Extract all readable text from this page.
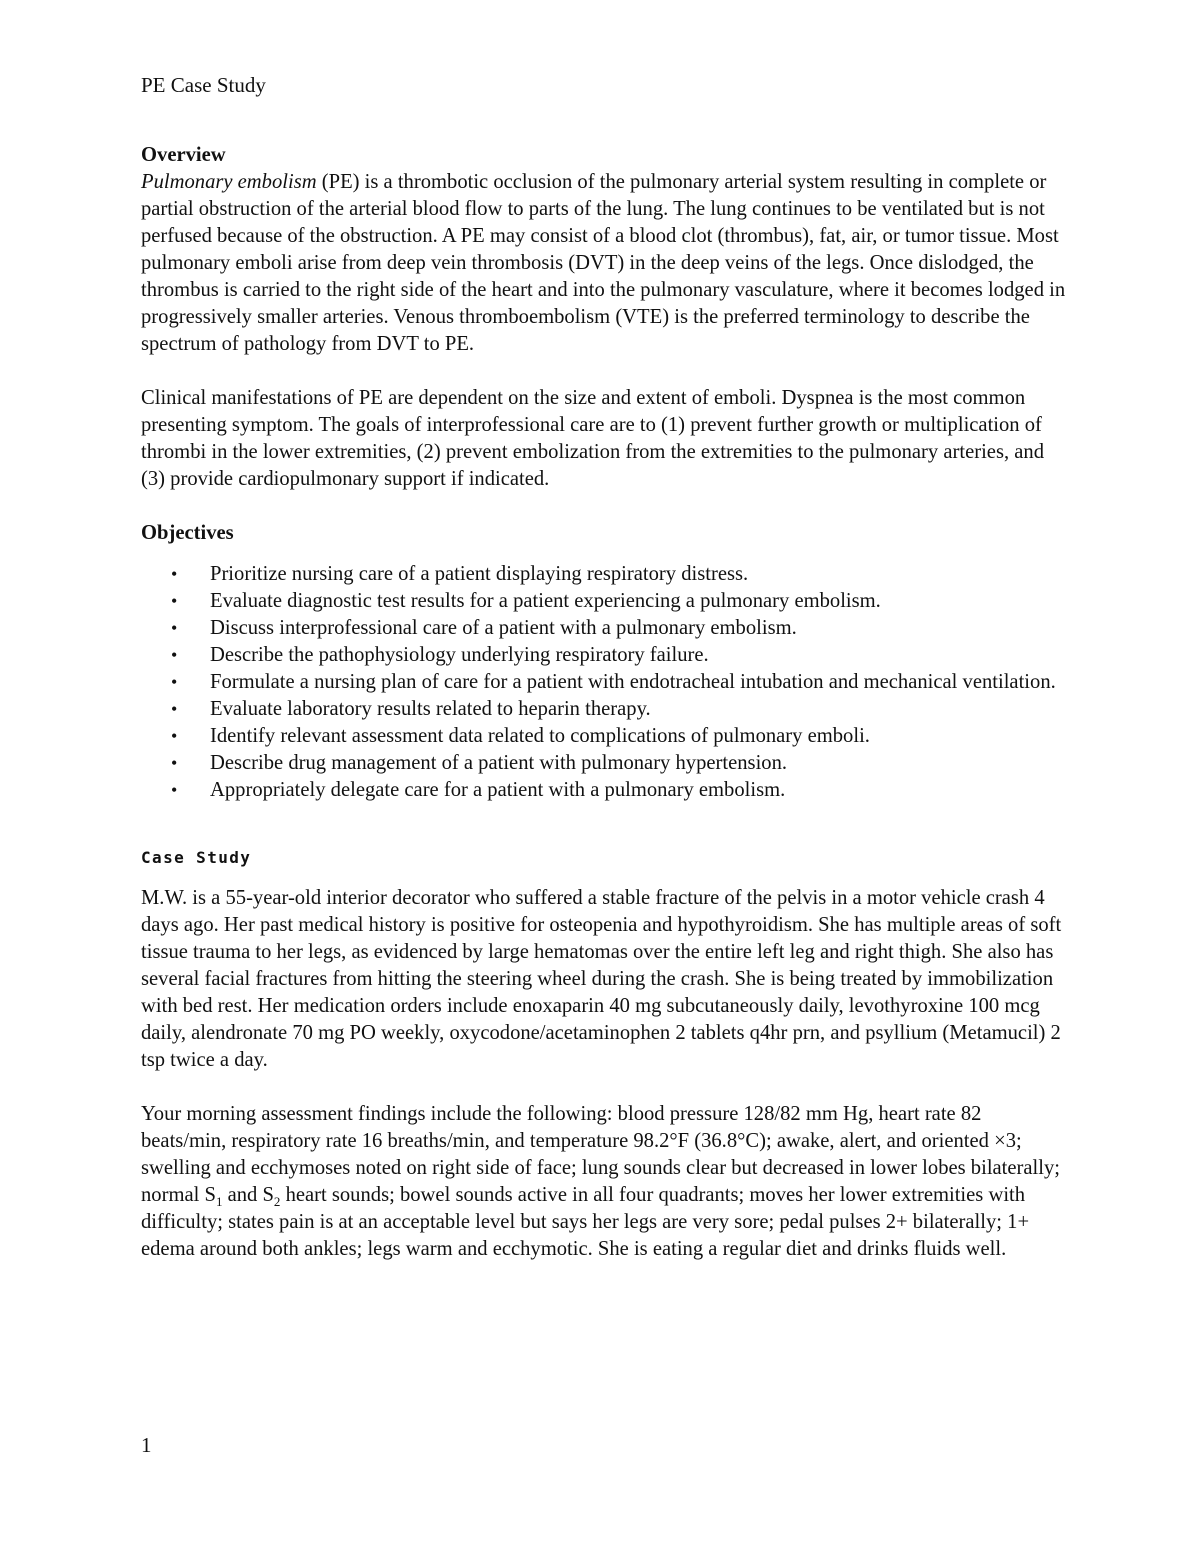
PE Case Study
Overview

Pulmonary embolism (PE) is a thrombotic occlusion of the pulmonary arterial system resulting in complete or partial obstruction of the arterial blood flow to parts of the lung. The lung continues to be ventilated but is not perfused because of the obstruction. A PE may consist of a blood clot (thrombus), fat, air, or tumor tissue. Most pulmonary emboli arise from deep vein thrombosis (DVT) in the deep veins of the legs. Once dislodged, the thrombus is carried to the right side of the heart and into the pulmonary vasculature, where it becomes lodged in progressively smaller arteries. Venous thromboembolism (VTE) is the preferred terminology to describe the spectrum of pathology from DVT to PE.

Clinical manifestations of PE are dependent on the size and extent of emboli. Dyspnea is the most common presenting symptom. The goals of interprofessional care are to (1) prevent further growth or multiplication of thrombi in the lower extremities, (2) prevent embolization from the extremities to the pulmonary arteries, and (3) provide cardiopulmonary support if indicated.

Objectives
• Prioritize nursing care of a patient displaying respiratory distress.
• Evaluate diagnostic test results for a patient experiencing a pulmonary embolism.
• Discuss interprofessional care of a patient with a pulmonary embolism.
• Describe the pathophysiology underlying respiratory failure.
• Formulate a nursing plan of care for a patient with endotracheal intubation and mechanical ventilation.
• Evaluate laboratory results related to heparin therapy.
• Identify relevant assessment data related to complications of pulmonary emboli.
• Describe drug management of a patient with pulmonary hypertension.
• Appropriately delegate care for a patient with a pulmonary embolism.
Case Study

M.W. is a 55-year-old interior decorator who suffered a stable fracture of the pelvis in a motor vehicle crash 4 days ago. Her past medical history is positive for osteopenia and hypothyroidism. She has multiple areas of soft tissue trauma to her legs, as evidenced by large hematomas over the entire left leg and right thigh. She also has several facial fractures from hitting the steering wheel during the crash. She is being treated by immobilization with bed rest. Her medication orders include enoxaparin 40 mg subcutaneously daily, levothyroxine 100 mcg daily, alendronate 70 mg PO weekly, oxycodone/acetaminophen 2 tablets q4hr prn, and psyllium (Metamucil) 2 tsp twice a day.

Your morning assessment findings include the following: blood pressure 128/82 mm Hg, heart rate 82 beats/min, respiratory rate 16 breaths/min, and temperature 98.2°F (36.8°C); awake, alert, and oriented ×3; swelling and ecchymoses noted on right side of face; lung sounds clear but decreased in lower lobes bilaterally; normal $S_1$ and $S_2$ heart sounds; bowel sounds active in all four quadrants; moves her lower extremities with difficulty; states pain is at an acceptable level but says her legs are very sore; pedal pulses 2+ bilaterally; 1+ edema around both ankles; legs warm and ecchymotic. She is eating a regular diet and drinks fluids well.

1
